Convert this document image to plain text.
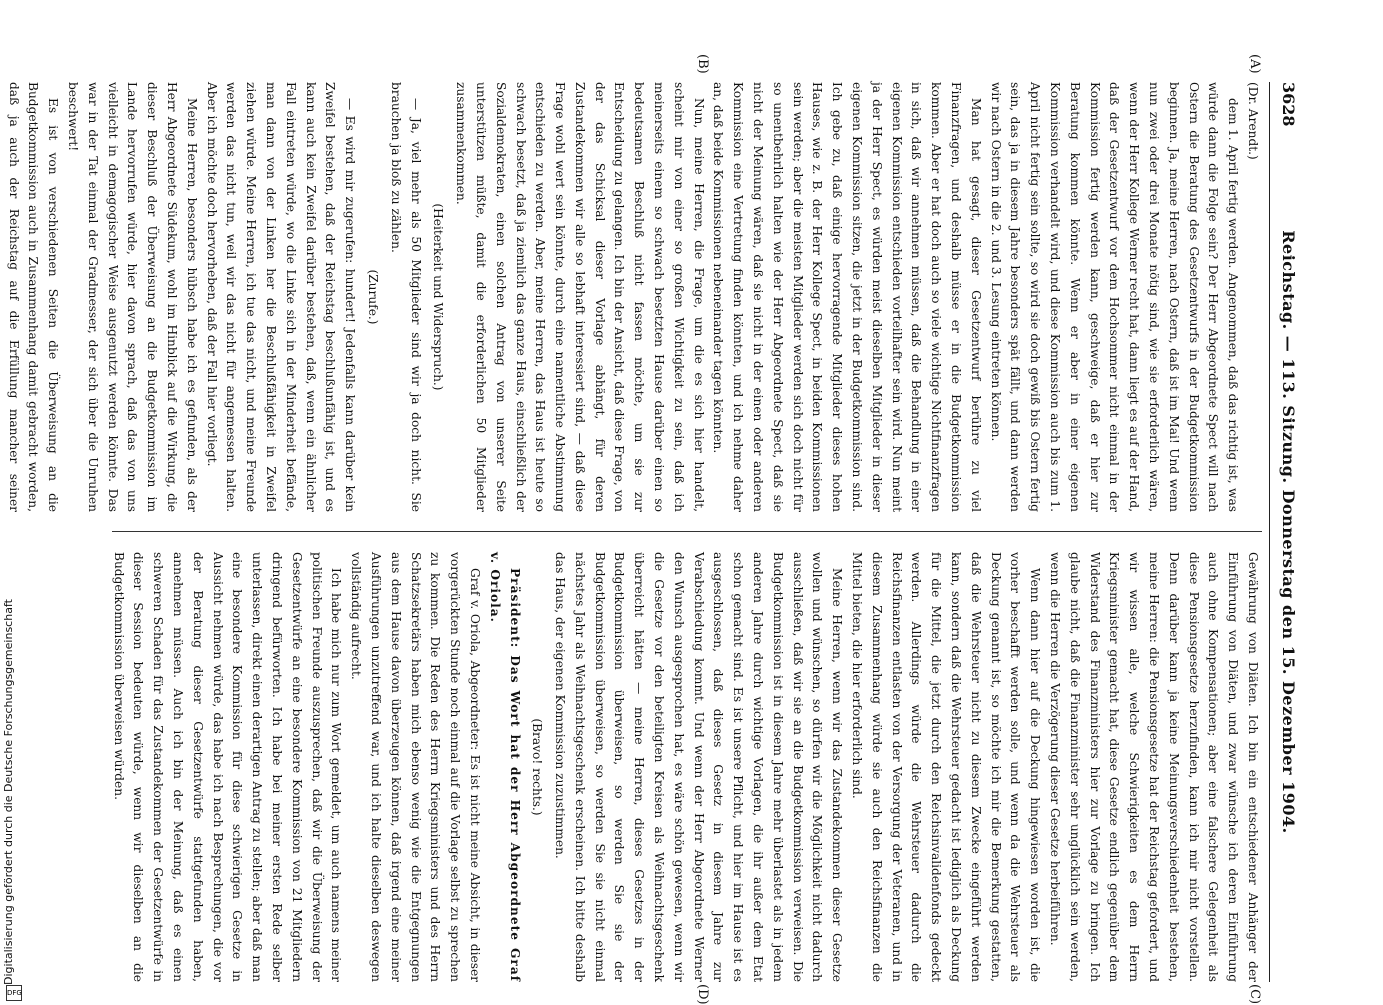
3628
Reichstag. — 113. Sitzung. Donnerstag den 15. Dezember 1904.
(A)
(B)
(C)
(D)

(Dr. Arendt.)

dem 1. April fertig werden. Angenommen, daß das richtig ist, was würde dann die Folge sein? Der Herr Abgeordnete Spect will nach Ostern die Beratung des Gesetzentwurfs in der Budgetkommission beginnen. Ja, meine Herren, nach Ostern, daß ist im Mai! Und wenn nun zwei oder drei Monate nötig sind, wie sie erforderlich wären, wenn der Herr Kollege Werner recht hat, dann liegt es auf der Hand, daß der Gesetzentwurf vor dem Hochsommer nicht einmal in der Kommission fertig werden kann, geschweige, daß er hier zur Beratung kommen könnte. Wenn er aber in einer eigenen Kommission verhandelt wird, und diese Kommission auch bis zum 1. April nicht fertig sein sollte, so wird sie doch gewiß bis Ostern fertig sein, das ja in diesem Jahre besonders spät fällt, und dann werden wir nach Ostern in die 2. und 3. Lesung eintreten können.

Man hat gesagt, dieser Gesetzentwurf berühre zu viel Finanzfragen, und deshalb müsse er in die Budgetkommission kommen. Aber er hat doch auch so viele wichtige Nichtfinanzfragen in sich, daß wir annehmen müssen, daß die Behandlung in einer eigenen Kommission entschieden vorteilhafter sein wird. Nun meint ja der Herr Spect, es würden meist dieselben Mitglieder in dieser eigenen Kommission sitzen, die jetzt in der Budgetkommission sind. Ich gebe zu, daß einige hervorragende Mitglieder dieses hohen Hauses, wie z. B. der Herr Kollege Spect, in beiden Kommissionen sein werden; aber die meisten Mitglieder werden sich doch nicht für so unentbehrlich halten wie der Herr Abgeordnete Spect, daß sie nicht der Meinung wären, daß sie nicht in der einen oder anderen Kommission eine Vertretung finden könnten, und ich nehme daher an, daß beide Kommissionen nebeneinander tagen könnten.

Nun, meine Herren, die Frage, um die es sich hier handelt, scheint mir von einer so großen Wichtigkeit zu sein, daß ich meinerseits einem so schwach besetzten Hause darüber einen so bedeutsamen Beschluß nicht fassen möchte, um sie zur Entscheidung zu gelangen. Ich bin der Ansicht, daß diese Frage, von der das Schicksal dieser Vorlage abhängt, für deren Zustandekommen wir alle so lebhaft interessiert sind, — daß diese Frage wohl wert sein könnte, durch eine namentliche Abstimmung entschieden zu werden. Aber, meine Herren, das Haus ist heute so schwach besetzt, daß ja ziemlich das ganze Haus, einschließlich der Sozialdemokraten, einen solchen Antrag von unserer Seite unterstützen müßte, damit die erforderlichen 50 Mitglieder zusammenkommen.

(Heiterkeit und Widerspruch.)

— Ja, viel mehr als 50 Mitglieder sind wir ja doch nicht. Sie brauchen ja bloß zu zählen.

(Zurufe.)

— Es wird mir zugerufen: hundert! Jedenfalls kann darüber kein Zweifel bestehen, daß der Reichstag beschlußunfähig ist, und es kann auch kein Zweifel darüber bestehen, daß, wenn ein ähnlicher Fall eintreten würde, wo die Linke sich in der Minderheit befände, man dann von der Linken her die Beschlußfähigkeit in Zweifel ziehen würde. Meine Herren, ich tue das nicht, und meine Freunde werden das nicht tun, weil wir das nicht für angemessen halten. Aber ich möchte doch hervorheben, daß der Fall hier vorliegt.

Meine Herren, besonders hübsch habe ich es gefunden, als der Herr Abgeordnete Südekum, wohl im Hinblick auf die Wirkung, die dieser Beschluß der Überweisung an die Budgetkommission im Lande hervorrufen würde, hier davon sprach, daß das von uns vielleicht in demagogischer Weise ausgenutzt werden könnte. Das war in der Tat einmal der Gradmesser, der sich über die Unruhen beschwert!

Es ist von verschiedenen Seiten die Überweisung an die Budgetkommission auch in Zusammenhang damit gebracht worden, daß ja auch der Reichstag auf die Erfüllung mancher seiner

Gewährung von Diäten. Ich bin ein entschiedener Anhänger der Einführung von Diäten, und zwar wünsche ich deren Einführung auch ohne Kompensationen; aber eine falschere Gelegenheit als diese Pensionsgesetze herzufinden, kann ich mir nicht vorstellen. Denn darüber kann ja keine Meinungsverschiedenheit bestehen, meine Herren: die Pensionsgesetze hat der Reichstag gefordert, und wir wissen alle, welche Schwierigkeiten es dem Herrn Kriegsminister gemacht hat, diese Gesetze endlich gegenüber dem Widerstand des Finanzministers hier zur Vorlage zu bringen. Ich glaube nicht, daß die Finanzminister sehr unglücklich sein werden, wenn die Herren die Verzögerung dieser Gesetze herbeiführen.

Wenn dann hier auf die Deckung hingewiesen worden ist, die vorher beschafft werden solle, und wenn da die Wehrsteuer als Deckung genannt ist, so möchte ich mir die Bemerkung gestatten, daß die Wehrsteuer nicht zu diesem Zwecke eingeführt werden kann, sondern daß die Wehrsteuer gedacht ist lediglich als Deckung für die Mittel, die jetzt durch den Reichsinvalidenfonds gedeckt werden. Allerdings würde die Wehrsteuer dadurch die Reichsfinanzen entlasten von der Versorgung der Veteranen, und in diesem Zusammenhang würde sie auch den Reichsfinanzen die Mittel bieten, die hier erforderlich sind.

Meine Herren, wenn wir das Zustandekommen dieser Gesetze wollen und wünschen, so dürfen wir die Möglichkeit nicht dadurch ausschließen, daß wir sie an die Budgetkommission verweisen. Die Budgetkommission ist in diesem Jahre mehr überlastet als in jedem anderen Jahre durch wichtige Vorlagen, die ihr außer dem Etat schon gemacht sind. Es ist unsere Pflicht, und hier im Hause ist es ausgeschlossen, daß dieses Gesetz in diesem Jahre zur Verabschiedung kommt. Und wenn der Herr Abgeordnete Werner den Wunsch ausgesprochen hat, es wäre schön gewesen, wenn wir die Gesetze vor den beteiligten Kreisen als Weihnachtsgeschenk überreicht hätten — meine Herren, dieses Gesetzes in der Budgetkommission überweisen, so werden Sie sie der Budgetkommission überweisen, so werden Sie sie nicht einmal nächstes Jahr als Weihnachtsgeschenk erscheinen. Ich bitte deshalb das Haus, der eigenen Kommission zuzustimmen.

(Bravo! rechts.)

Präsident: Das Wort hat der Herr Abgeordnete Graf v. Oriola.

Graf v. Oriola, Abgeordneter: Es ist nicht meine Absicht, in dieser vorgerückten Stunde noch einmal auf die Vorlage selbst zu sprechen zu kommen. Die Reden des Herrn Kriegsministers und des Herrn Schatzsekretärs haben mich ebenso wenig wie die Entgegnungen aus dem Hause davon überzeugen können, daß irgend eine meiner Ausführungen unzutreffend war, und ich halte dieselben deswegen vollständig aufrecht.

Ich habe mich nur zum Wort gemeldet, um auch namens meiner politischen Freunde auszusprechen, daß wir die Überweisung der Gesetzentwürfe an eine besondere Kommission von 21 Mitgliedern dringend befürworten. Ich habe bei meiner ersten Rede selber unterlassen, direkt einen derartigen Antrag zu stellen; aber daß man eine besondere Kommission für diese schwierigen Gesetze in Aussicht nehmen würde, das habe ich nach Besprechungen, die vor der Beratung dieser Gesetzentwürfe stattgefunden haben, annehmen müssen. Auch ich bin der Meinung, daß es einen schweren Schaden für das Zustandekommen der Gesetzentwürfe in dieser Session bedeuten würde, wenn wir dieselben an die Budgetkommission überweisen würden.

Digitalisierung gefördert durch die Deutsche Forschungsgemeinschaft
DFG
